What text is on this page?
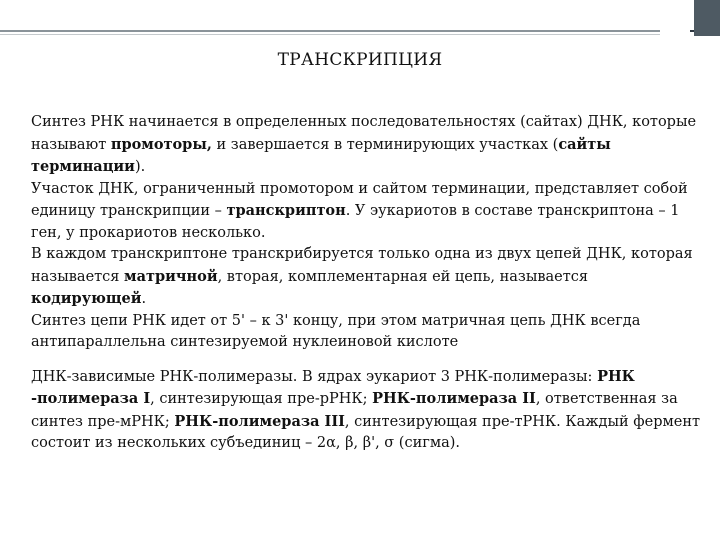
ТРАНСКРИПЦИЯ

Синтез РНК начинается в определенных последовательностях (сайтах) ДНК, которые называют промоторы, и завершается в терминирующих участках (сайты терминации).

Участок ДНК, ограниченный промотором и сайтом терминации, представляет собой единицу транскрипции – транскриптон. У эукариотов в составе транскриптона – 1 ген, у прокариотов несколько.

В каждом транскриптоне транскрибируется только одна из двух цепей ДНК, которая называется матричной, вторая, комплементарная ей цепь, называется кодирующей.

Синтез цепи РНК идет от 5' – к 3' концу, при этом матричная цепь ДНК всегда антипараллельна синтезируемой нуклеиновой кислоте

ДНК-зависимые РНК-полимеразы. В ядрах эукариот 3 РНК-полимеразы: РНК -полимераза I, синтезирующая пре-рРНК; РНК-полимераза II, ответственная за синтез пре-мРНК; РНК-полимераза III, синтезирующая пре-тРНК. Каждый фермент состоит из нескольких субъединиц – 2α, β, β', σ (сигма).
